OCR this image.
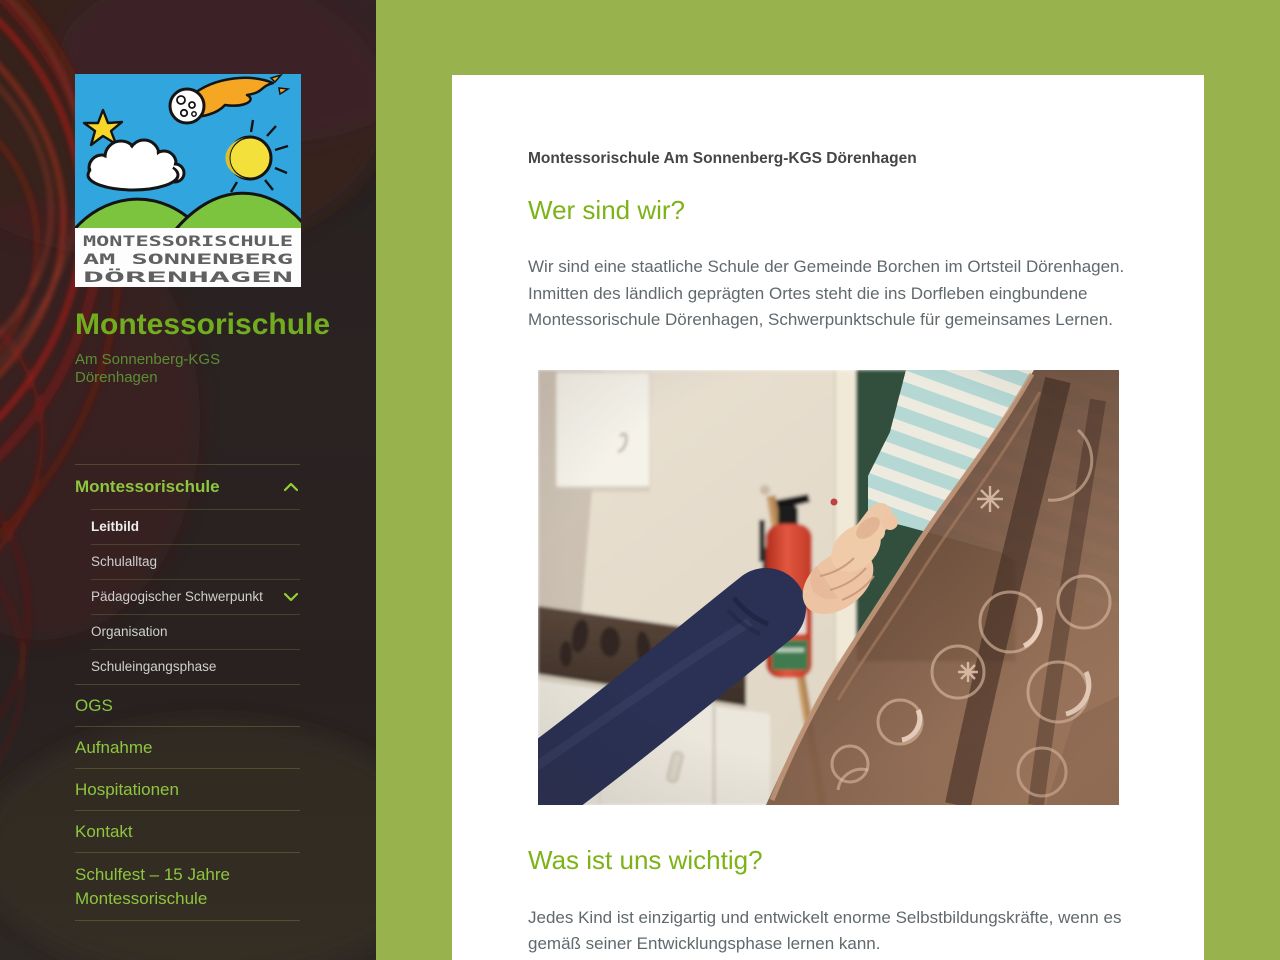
MONTESSORISCHULE
AM SONNENBERG
DÖRENHAGEN
Montessorischule

Am Sonnenberg-KGS Dörenhagen

Montessorischule
Leitbild
Schulalltag
Pädagogischer Schwerpunkt
Organisation
Schuleingangsphase
OGS
Aufnahme
Hospitationen
Kontakt
Schulfest – 15 Jahre Montessorischule
Montessorischule Am Sonnenberg-KGS Dörenhagen
Wer sind wir?

Wir sind eine staatliche Schule der Gemeinde Borchen im Ortsteil Dörenhagen. Inmitten des ländlich geprägten Ortes steht die ins Dorfleben eingbundene Montessorischule Dörenhagen, Schwerpunktschule für gemeinsames Lernen.

Was ist uns wichtig?

Jedes Kind ist einzigartig und entwickelt enorme Selbstbildungskräfte, wenn es gemäß seiner Entwicklungsphase lernen kann.
